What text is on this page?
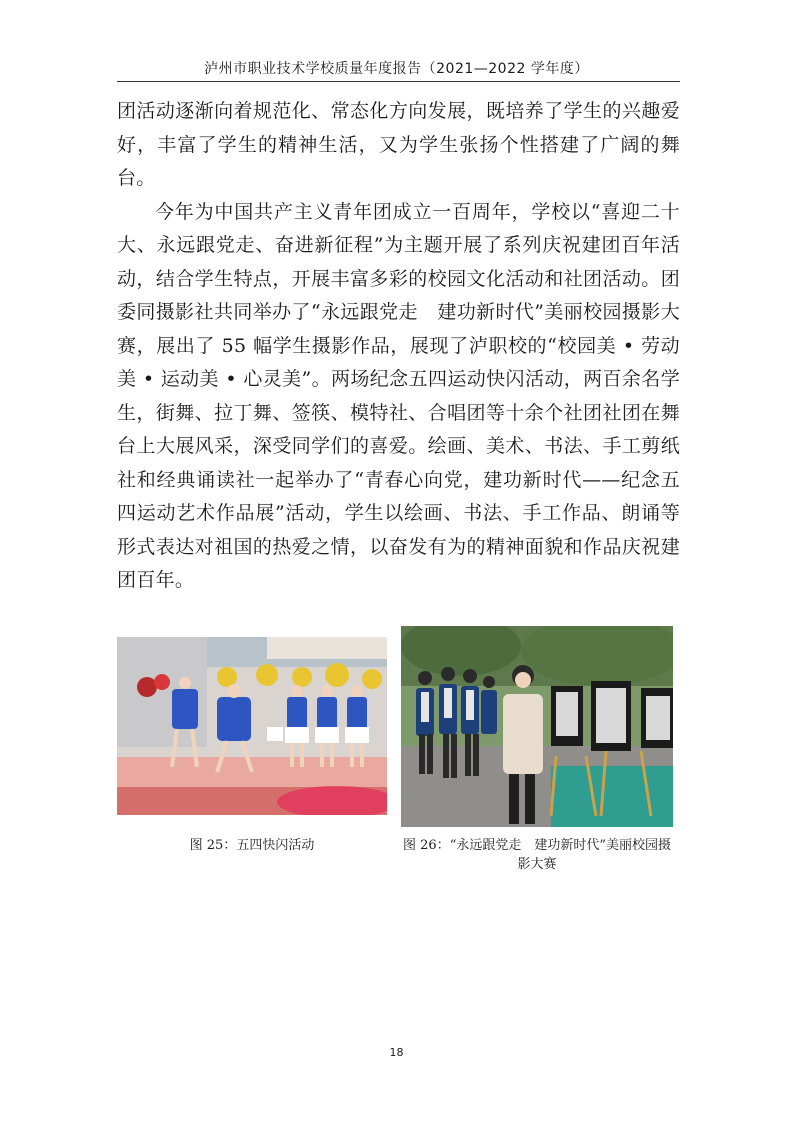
泸州市职业技术学校质量年度报告（2021—2022 学年度）

团活动逐渐向着规范化、常态化方向发展，既培养了学生的兴趣爱好，丰富了学生的精神生活，又为学生张扬个性搭建了广阔的舞台。

今年为中国共产主义青年团成立一百周年，学校以“喜迎二十大、永远跟党走、奋进新征程”为主题开展了系列庆祝建团百年活动，结合学生特点，开展丰富多彩的校园文化活动和社团活动。团委同摄影社共同举办了“永远跟党走　建功新时代”美丽校园摄影大赛，展出了 55 幅学生摄影作品，展现了泸职校的“校园美 • 劳动美 • 运动美 • 心灵美”。两场纪念五四运动快闪活动，两百余名学生，街舞、拉丁舞、签筷、模特社、合唱团等十余个社团社团在舞台上大展风采，深受同学们的喜爱。绘画、美术、书法、手工剪纸社和经典诵读社一起举办了“青春心向党，建功新时代——纪念五四运动艺术作品展”活动，学生以绘画、书法、手工作品、朗诵等形式表达对祖国的热爱之情，以奋发有为的精神面貌和作品庆祝建团百年。

图 25：五四快闪活动	图 26：“永远跟党走　建功新时代”美丽校园摄影大赛
18
